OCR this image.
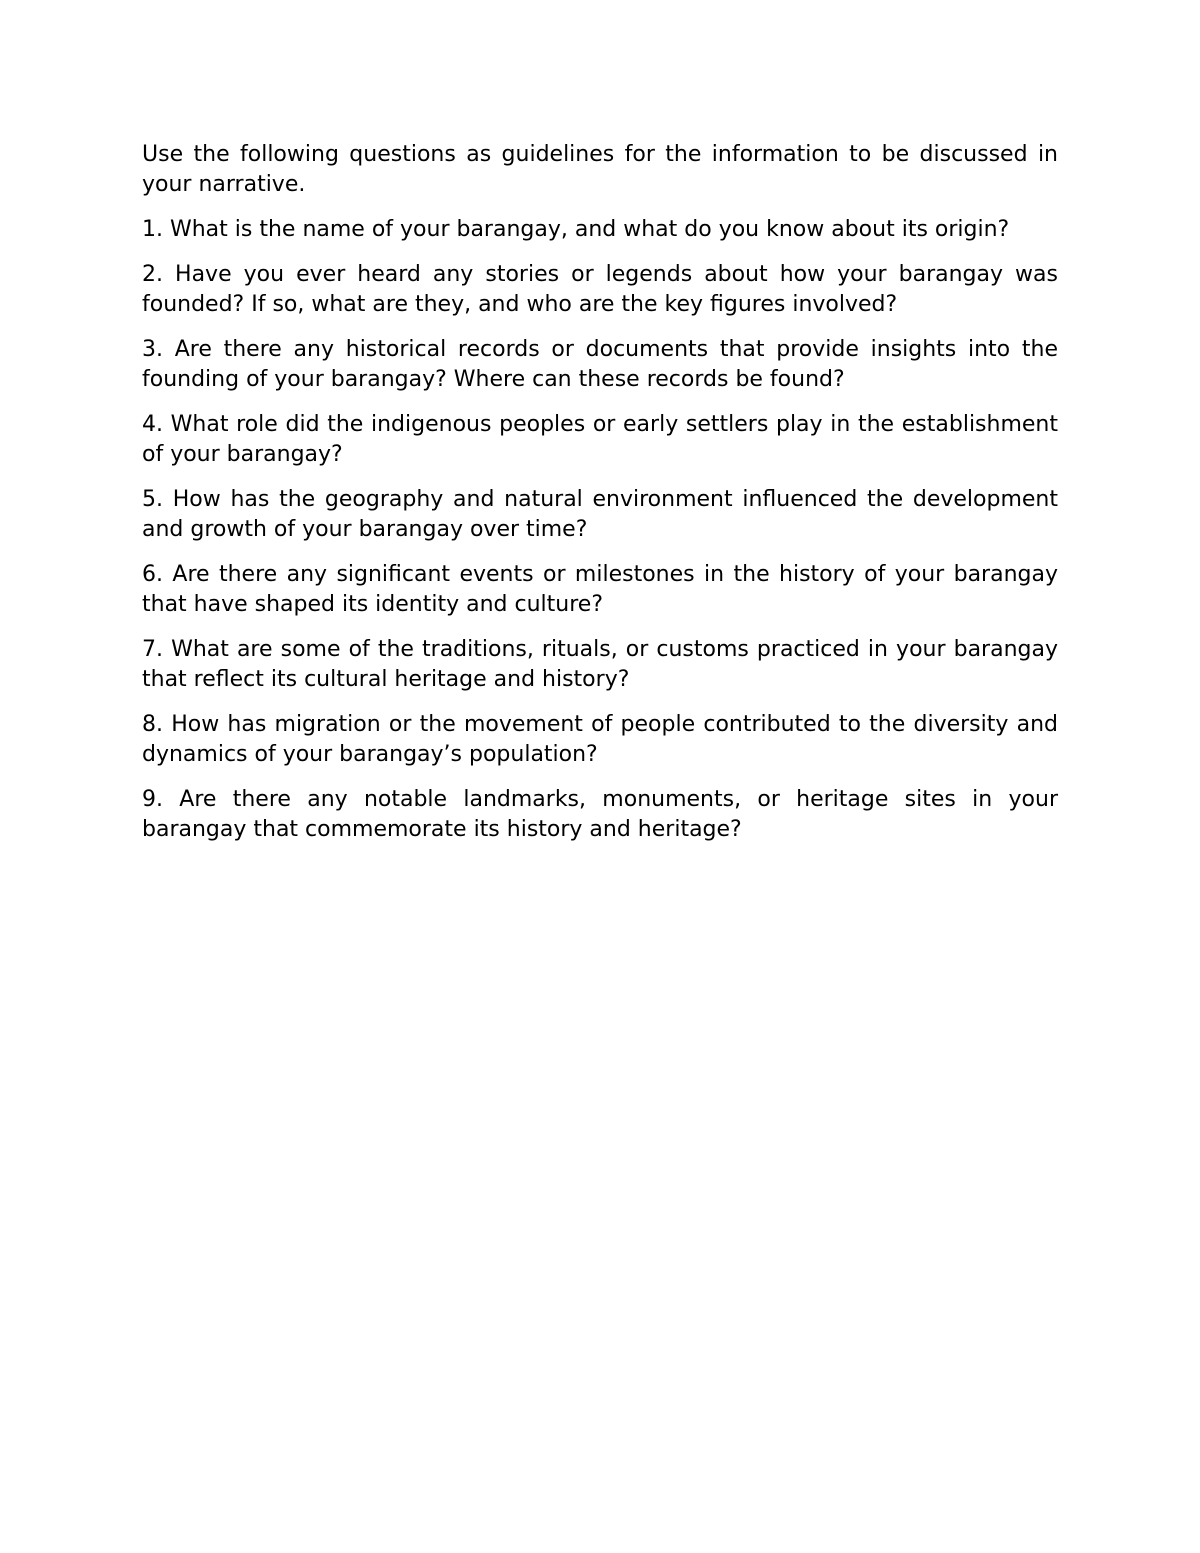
Use the following questions as guidelines for the information to be discussed in your narrative.

1. What is the name of your barangay, and what do you know about its origin?

2. Have you ever heard any stories or legends about how your barangay was founded? If so, what are they, and who are the key figures involved?

3. Are there any historical records or documents that provide insights into the founding of your barangay? Where can these records be found?

4. What role did the indigenous peoples or early settlers play in the establishment of your barangay?

5. How has the geography and natural environment influenced the development and growth of your barangay over time?

6. Are there any significant events or milestones in the history of your barangay that have shaped its identity and culture?

7. What are some of the traditions, rituals, or customs practiced in your barangay that reflect its cultural heritage and history?

8. How has migration or the movement of people contributed to the diversity and dynamics of your barangay’s population?

9. Are there any notable landmarks, monuments, or heritage sites in your barangay that commemorate its history and heritage?
